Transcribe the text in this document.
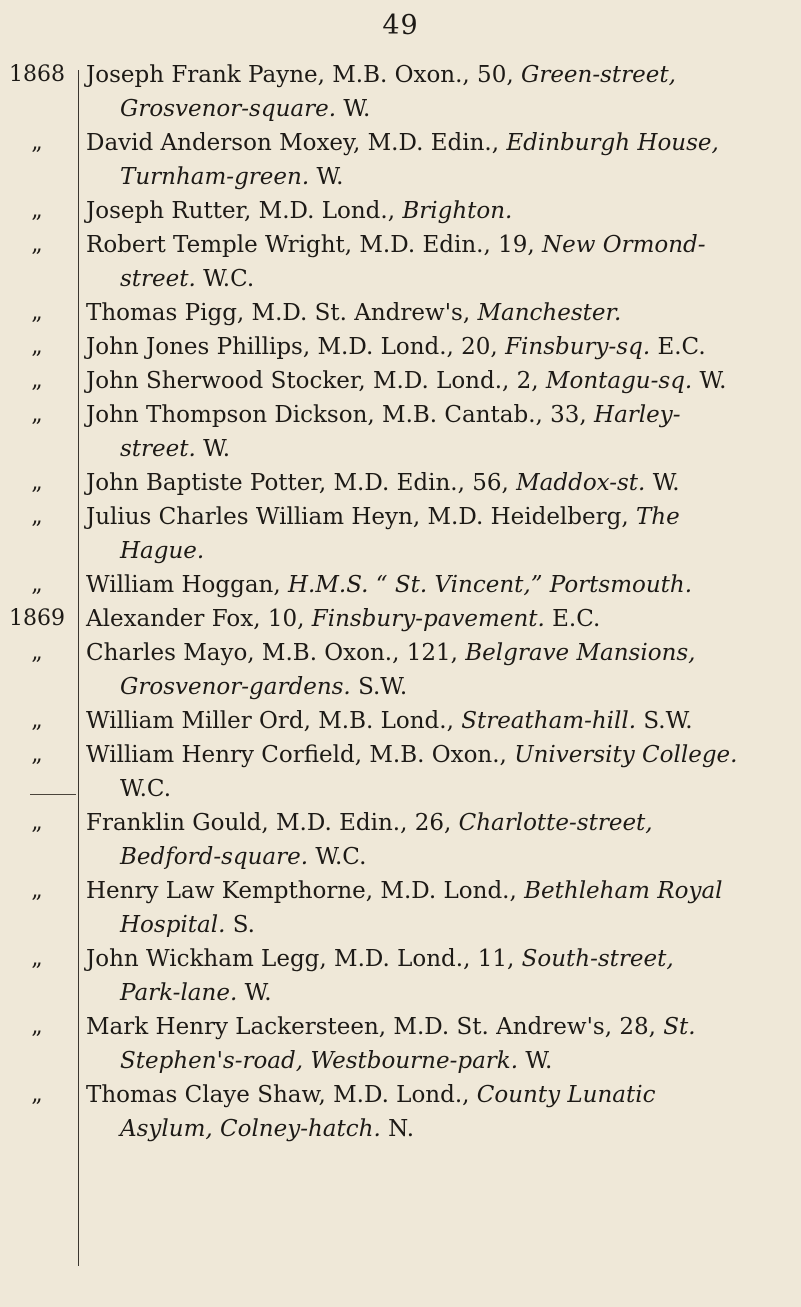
49
1868 Joseph Frank Payne, M.B. Oxon., 50, Green-street,
Grosvenor-square. W.
„	David Anderson Moxey, M.D. Edin., Edinburgh House,
Turnham-green. W.
„	Joseph Rutter, M.D. Lond., Brighton.
„	Robert Temple Wright, M.D. Edin., 19, New Ormond-
street. W.C.
„	Thomas Pigg, M.D. St. Andrew's, Manchester.
„	John Jones Phillips, M.D. Lond., 20, Finsbury-sq. E.C.
„	John Sherwood Stocker, M.D. Lond., 2, Montagu-sq. W.
„	John Thompson Dickson, M.B. Cantab., 33, Harley-
street. W.
„	John Baptiste Potter, M.D. Edin., 56, Maddox-st. W.
„	Julius Charles William Heyn, M.D. Heidelberg, The
Hague.
„	William Hoggan, H.M.S. “ St. Vincent,” Portsmouth.
1869 Alexander Fox, 10, Finsbury-pavement. E.C.
„	Charles Mayo, M.B. Oxon., 121, Belgrave Mansions,
Grosvenor-gardens. S.W.
„	William Miller Ord, M.B. Lond., Streatham-hill. S.W.
„	William Henry Corfield, M.B. Oxon., University College.
W.C.
„	Franklin Gould, M.D. Edin., 26, Charlotte-street,
Bedford-square. W.C.
„	Henry Law Kempthorne, M.D. Lond., Bethleham Royal
Hospital. S.
„	John Wickham Legg, M.D. Lond., 11, South-street,
Park-lane. W.
„	Mark Henry Lackersteen, M.D. St. Andrew's, 28, St.
Stephen's-road, Westbourne-park. W.
„	Thomas Claye Shaw, M.D. Lond., County Lunatic
Asylum, Colney-hatch. N.
